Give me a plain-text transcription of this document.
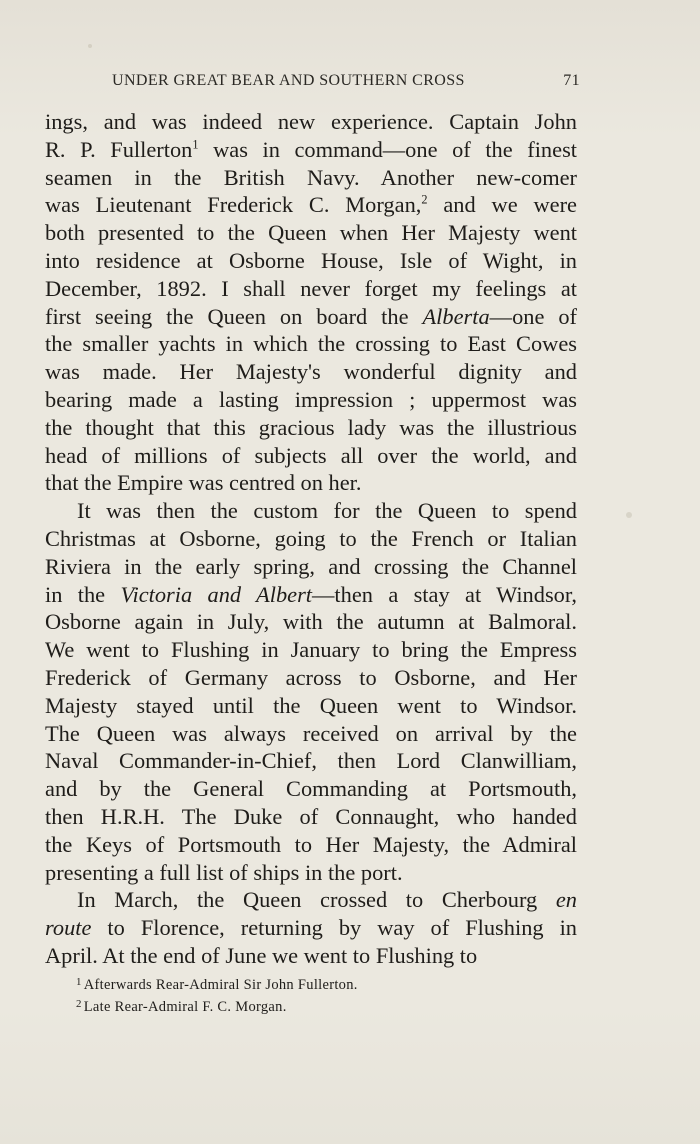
UNDER GREAT BEAR AND SOUTHERN CROSS	71
ings, and was indeed new experience. Captain John
R. P. Fullerton$^1$ was in command—one of the finest
seamen in the British Navy. Another new-comer
was Lieutenant Frederick C. Morgan,$^2$ and we were
both presented to the Queen when Her Majesty went
into residence at Osborne House, Isle of Wight, in
December, 1892. I shall never forget my feelings at
first seeing the Queen on board the Alberta—one of
the smaller yachts in which the crossing to East Cowes
was made. Her Majesty's wonderful dignity and
bearing made a lasting impression ; uppermost was
the thought that this gracious lady was the illustrious
head of millions of subjects all over the world, and
that the Empire was centred on her.
It was then the custom for the Queen to spend
Christmas at Osborne, going to the French or Italian
Riviera in the early spring, and crossing the Channel
in the Victoria and Albert—then a stay at Windsor,
Osborne again in July, with the autumn at Balmoral.
We went to Flushing in January to bring the Empress
Frederick of Germany across to Osborne, and Her
Majesty stayed until the Queen went to Windsor.
The Queen was always received on arrival by the
Naval Commander-in-Chief, then Lord Clanwilliam,
and by the General Commanding at Portsmouth,
then H.R.H. The Duke of Connaught, who handed
the Keys of Portsmouth to Her Majesty, the Admiral
presenting a full list of ships in the port.
In March, the Queen crossed to Cherbourg en
route to Florence, returning by way of Flushing in
April. At the end of June we went to Flushing to
$^1$ Afterwards Rear-Admiral Sir John Fullerton.
$^2$ Late Rear-Admiral F. C. Morgan.
